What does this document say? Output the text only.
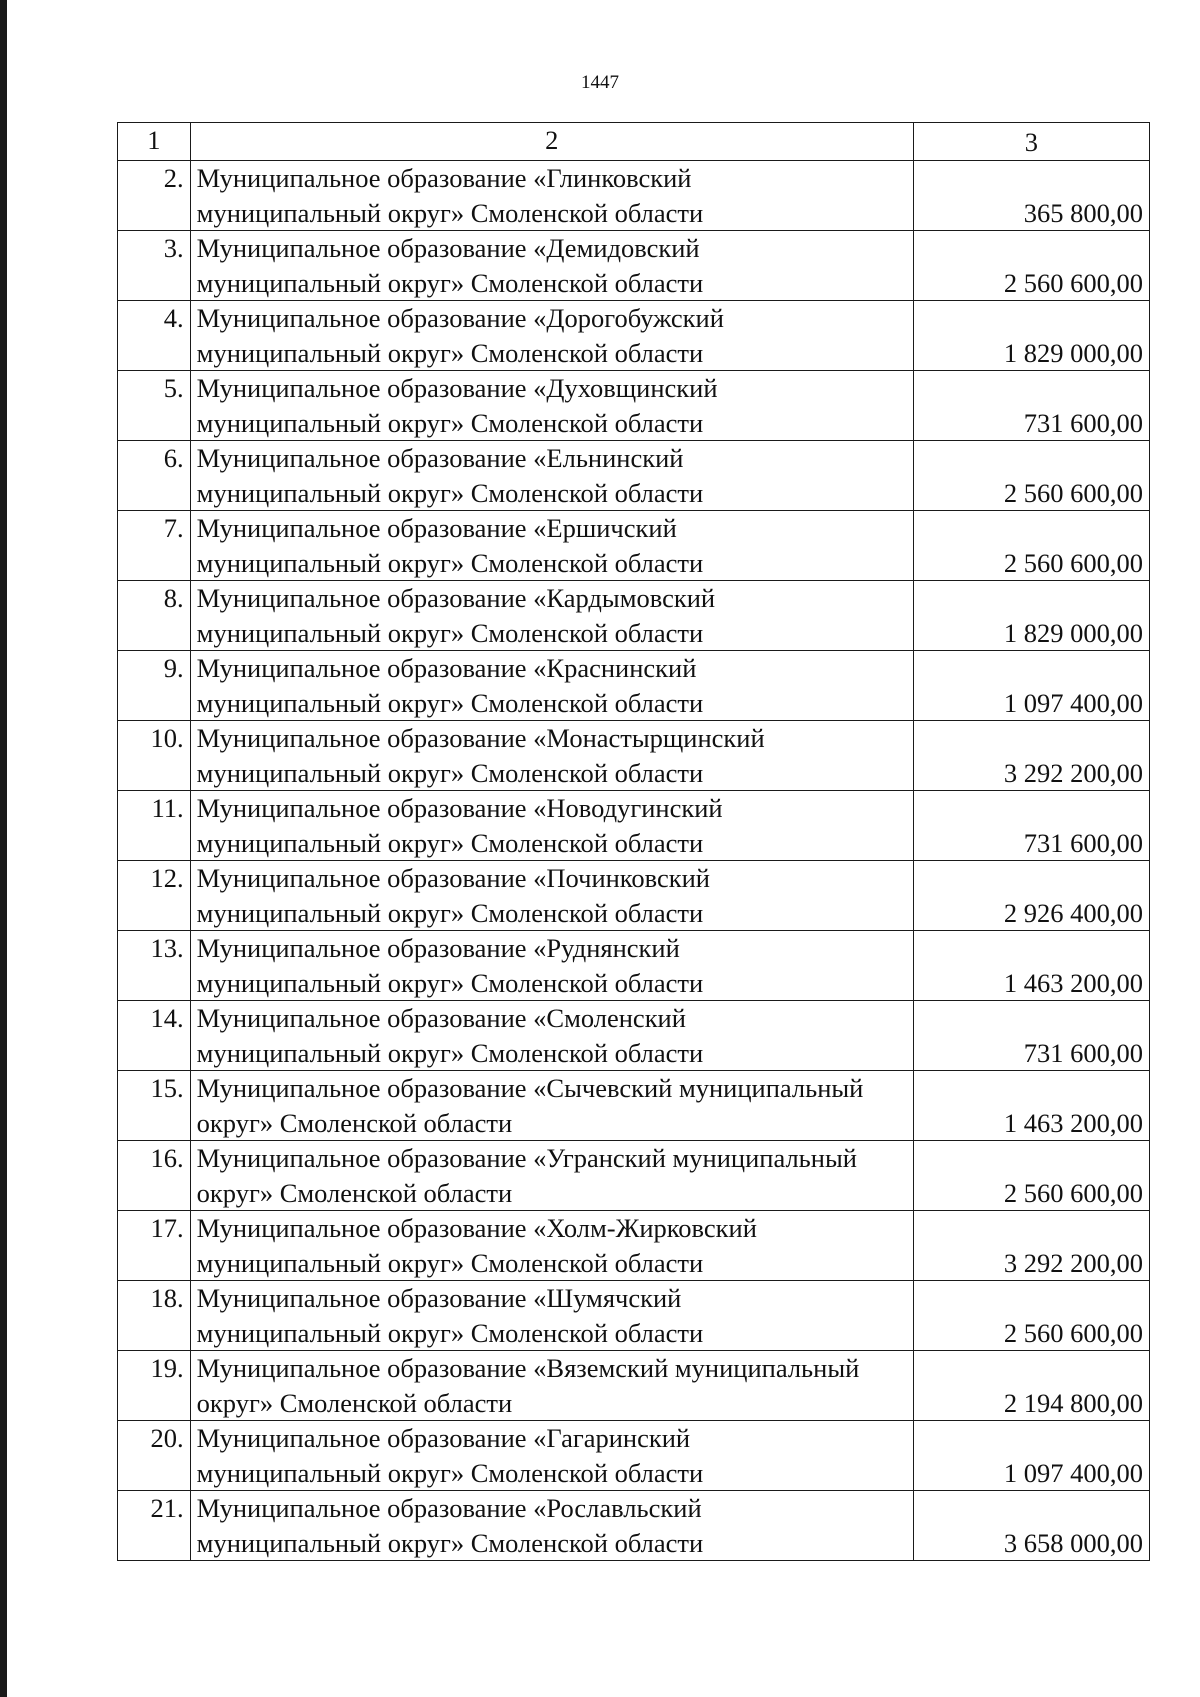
1447
1	2	3
2.	Муниципальное образование «Глинковский
муниципальный округ» Смоленской области	365 800,00
3.	Муниципальное образование «Демидовский
муниципальный округ» Смоленской области	2 560 600,00
4.	Муниципальное образование «Дорогобужский
муниципальный округ» Смоленской области	1 829 000,00
5.	Муниципальное образование «Духовщинский
муниципальный округ» Смоленской области	731 600,00
6.	Муниципальное образование «Ельнинский
муниципальный округ» Смоленской области	2 560 600,00
7.	Муниципальное образование «Ершичский
муниципальный округ» Смоленской области	2 560 600,00
8.	Муниципальное образование «Кардымовский
муниципальный округ» Смоленской области	1 829 000,00
9.	Муниципальное образование «Краснинский
муниципальный округ» Смоленской области	1 097 400,00
10.	Муниципальное образование «Монастырщинский
муниципальный округ» Смоленской области	3 292 200,00
11.	Муниципальное образование «Новодугинский
муниципальный округ» Смоленской области	731 600,00
12.	Муниципальное образование «Починковский
муниципальный округ» Смоленской области	2 926 400,00
13.	Муниципальное образование «Руднянский
муниципальный округ» Смоленской области	1 463 200,00
14.	Муниципальное образование «Смоленский
муниципальный округ» Смоленской области	731 600,00
15.	Муниципальное образование «Сычевский муниципальный
округ» Смоленской области	1 463 200,00
16.	Муниципальное образование «Угранский муниципальный
округ» Смоленской области	2 560 600,00
17.	Муниципальное образование «Холм-Жирковский
муниципальный округ» Смоленской области	3 292 200,00
18.	Муниципальное образование «Шумячский
муниципальный округ» Смоленской области	2 560 600,00
19.	Муниципальное образование «Вяземский муниципальный
округ» Смоленской области	2 194 800,00
20.	Муниципальное образование «Гагаринский
муниципальный округ» Смоленской области	1 097 400,00
21.	Муниципальное образование «Рославльский
муниципальный округ» Смоленской области	3 658 000,00
